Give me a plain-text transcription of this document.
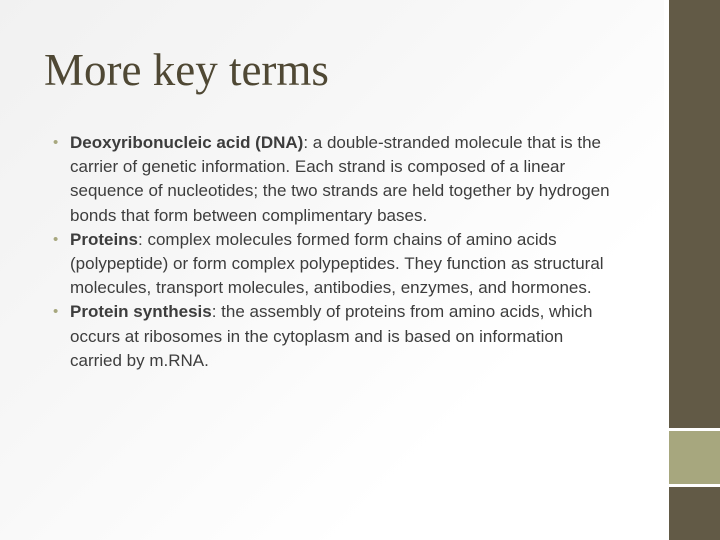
More key terms
• Deoxyribonucleic acid (DNA): a double-stranded molecule that is the carrier of genetic information. Each strand is composed of a linear sequence of nucleotides; the two strands are held together by hydrogen bonds that form between complimentary bases.
• Proteins: complex molecules formed form chains of amino acids (polypeptide) or form complex polypeptides. They function as structural molecules, transport molecules, antibodies, enzymes, and hormones.
• Protein synthesis: the assembly of proteins from amino acids, which occurs at ribosomes in the cytoplasm and is based on information carried by m.RNA.
